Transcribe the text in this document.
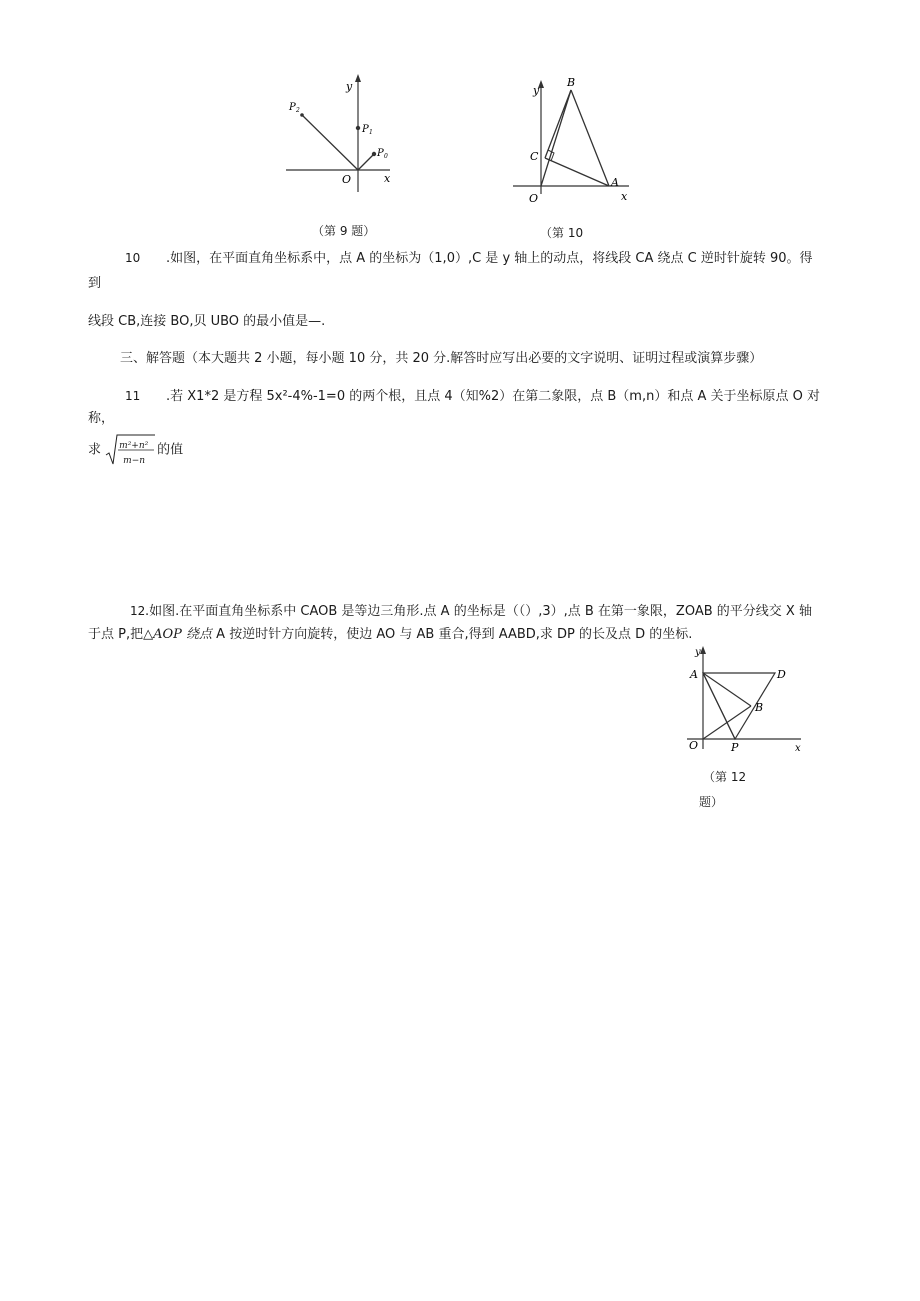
y
x
O
P 1
P 2
P 0
（第 9 题）
y
x
O
A
B
C
（第 10
10 .如图，在平面直角坐标系中，点 A 的坐标为（1,0）,C 是 y 轴上的动点，将线段 CA 绕点 C 逆时针旋转 90。得
到
线段 CB,连接 BO,贝 UBO 的最小值是—.
三、解答题（本大题共 2 小题，每小题 10 分，共 20 分.解答时应写出必要的文字说明、证明过程或演算步骤）
11 .若 X1*2 是方程 5x²-4%-1=0 的两个根，且点 4（知%2）在第二象限，点 B（m,n）和点 A 关于坐标原点 O 对
称，
求 m²+n²
m−n
的值
12 .如图.在平面直角坐标系中 CAOB 是等边三角形.点 A 的坐标是（（）,3）,点 B 在第一象限，ZOAB 的平分线交 X 轴
于点 P,把△AOP 绕点 A 按逆时针方向旋转，使边 AO 与 AB 重合,得到 AABD,求 DP 的长及点 D 的坐标.
y
x
O
A
B
D
P
（第 12
题）
